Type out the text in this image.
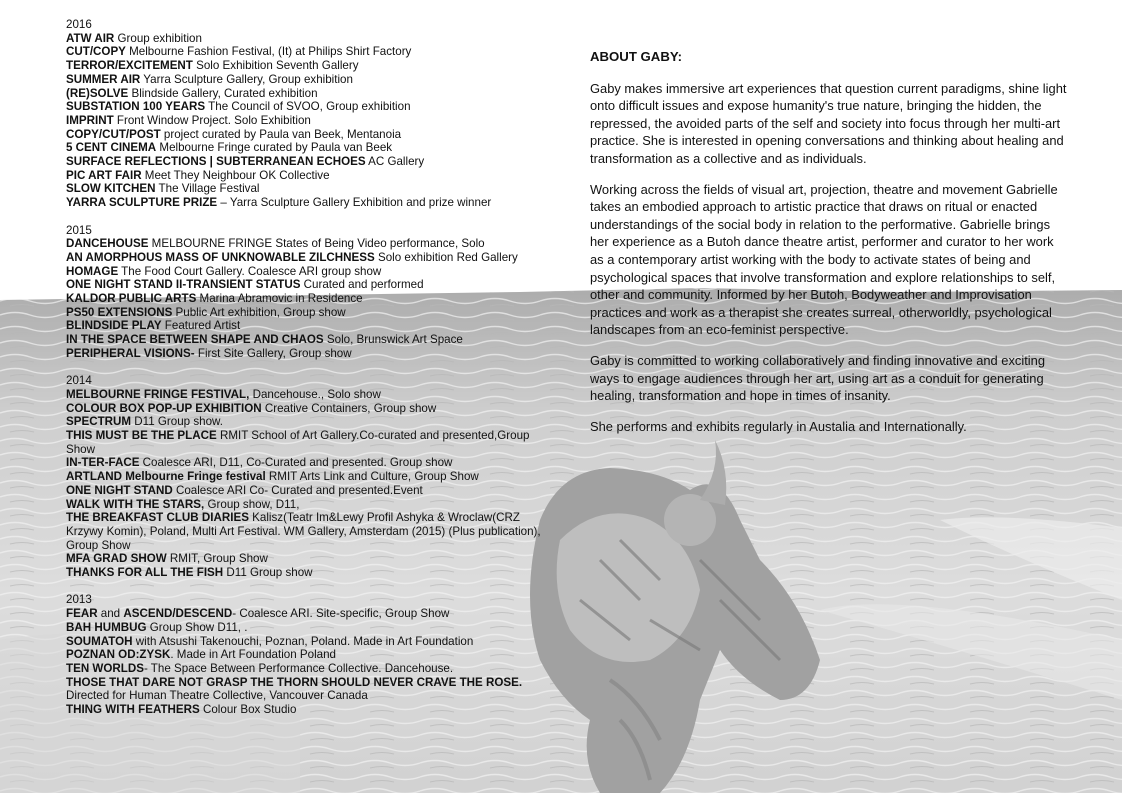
2016

ATW AIR Group exhibition

CUT/COPY Melbourne Fashion Festival, (It) at Philips Shirt Factory

TERROR/EXCITEMENT Solo Exhibition Seventh Gallery

SUMMER AIR Yarra Sculpture Gallery, Group exhibition

(RE)SOLVE Blindside Gallery, Curated exhibition

SUBSTATION 100 YEARS The Council of SVOO, Group exhibition

IMPRINT Front Window Project. Solo Exhibition

COPY/CUT/POST project curated by Paula van Beek, Mentanoia

5 CENT CINEMA Melbourne Fringe curated by Paula van Beek

SURFACE REFLECTIONS | SUBTERRANEAN ECHOES AC Gallery

PIC ART FAIR Meet They Neighbour OK Collective

SLOW KITCHEN The Village Festival

YARRA SCULPTURE PRIZE – Yarra Sculpture Gallery Exhibition and prize winner

2015

DANCEHOUSE MELBOURNE FRINGE States of Being Video performance, Solo

AN AMORPHOUS MASS OF UNKNOWABLE ZILCHNESS Solo exhibition Red Gallery

HOMAGE The Food Court Gallery. Coalesce ARI group show

ONE NIGHT STAND II-TRANSIENT STATUS Curated and performed

KALDOR PUBLIC ARTS Marina Abramovic in Residence

PS50 EXTENSIONS Public Art exhibition, Group show

BLINDSIDE PLAY Featured Artist

IN THE SPACE BETWEEN SHAPE AND CHAOS Solo, Brunswick Art Space

PERIPHERAL VISIONS- First Site Gallery, Group show

2014

MELBOURNE FRINGE FESTIVAL, Dancehouse., Solo show

COLOUR BOX POP-UP EXHIBITION Creative Containers, Group show

SPECTRUM D11 Group show.

THIS MUST BE THE PLACE RMIT School of Art Gallery.Co-curated and presented,Group Show

IN-TER-FACE Coalesce ARI, D11, Co-Curated and presented. Group show

ARTLAND Melbourne Fringe festival RMIT Arts Link and Culture, Group Show

ONE NIGHT STAND Coalesce ARI Co- Curated and presented.Event

WALK WITH THE STARS, Group show, D11,

THE BREAKFAST CLUB DIARIES Kalisz(Teatr Im&Lewy Profil Ashyka & Wroclaw(CRZ Krzywy Komin), Poland, Multi Art Festival. WM Gallery, Amsterdam (2015) (Plus publication), Group Show

MFA GRAD SHOW RMIT, Group Show

THANKS FOR ALL THE FISH D11 Group show

2013

FEAR and ASCEND/DESCEND- Coalesce ARI. Site-specific, Group Show

BAH HUMBUG Group Show D11, .

SOUMATOH with Atsushi Takenouchi, Poznan, Poland. Made in Art Foundation

POZNAN OD:ZYSK. Made in Art Foundation Poland

TEN WORLDS- The Space Between Performance Collective. Dancehouse.

THOSE THAT DARE NOT GRASP THE THORN SHOULD NEVER CRAVE THE ROSE.

Directed for Human Theatre Collective, Vancouver Canada

THING WITH FEATHERS Colour Box Studio

ABOUT GABY:

Gaby makes immersive art experiences that question current paradigms, shine light onto difficult issues and expose humanity's true nature, bringing the hidden, the repressed, the avoided parts of the self and society into focus through her multi-art practice. She is interested in opening conversations and thinking about healing and transformation as a collective and as individuals.

Working across the fields of visual art, projection, theatre and movement Gabrielle takes an embodied approach to artistic practice that draws on ritual or enacted understandings of the social body in relation to the performative. Gabrielle brings her experience as a Butoh dance theatre artist, performer and curator to her work as a contemporary artist working with the body to activate states of being and psychological spaces that involve transformation and explore relationships to self, other and community. Informed by her Butoh, Bodyweather and Improvisation practices and work as a therapist she creates surreal, otherworldly, psychological landscapes from an eco-feminist perspective.

Gaby is committed to working collaboratively and finding innovative and exciting ways to engage audiences through her art, using art as a conduit for generating healing, transformation and hope in times of insanity.

She performs and exhibits regularly in Austalia and Internationally.
